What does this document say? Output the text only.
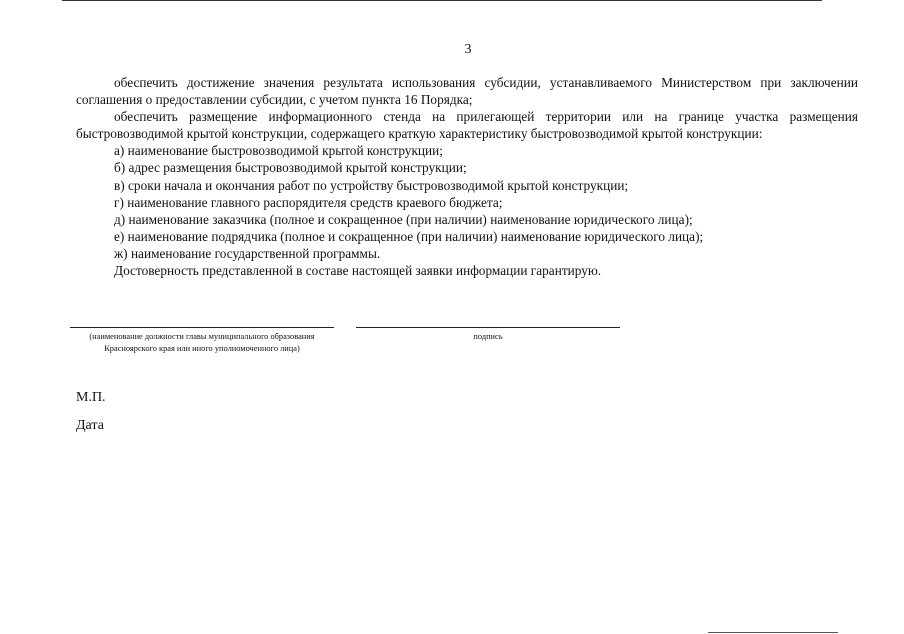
3

обеспечить достижение значения результата использования субсидии, устанавливаемого Министерством при заключении соглашения о предоставлении субсидии, с учетом пункта 16 Порядка;

обеспечить размещение информационного стенда на прилегающей территории или на границе участка размещения быстровозводимой крытой конструкции, содержащего краткую характеристику быстровозводимой крытой конструкции:

а) наименование быстровозводимой крытой конструкции;

б) адрес размещения быстровозводимой крытой конструкции;

в) сроки начала и окончания работ по устройству быстровозводимой крытой конструкции;

г) наименование главного распорядителя средств краевого бюджета;

д) наименование заказчика (полное и сокращенное (при наличии) наименование юридического лица);

е) наименование подрядчика (полное и сокращенное (при наличии) наименование юридического лица);

ж) наименование государственной программы.

Достоверность представленной в составе настоящей заявки информации гарантирую.

(наименование должности главы муниципального образования Красноярского края или иного уполномоченного лица)
подпись
М.П.
Дата
